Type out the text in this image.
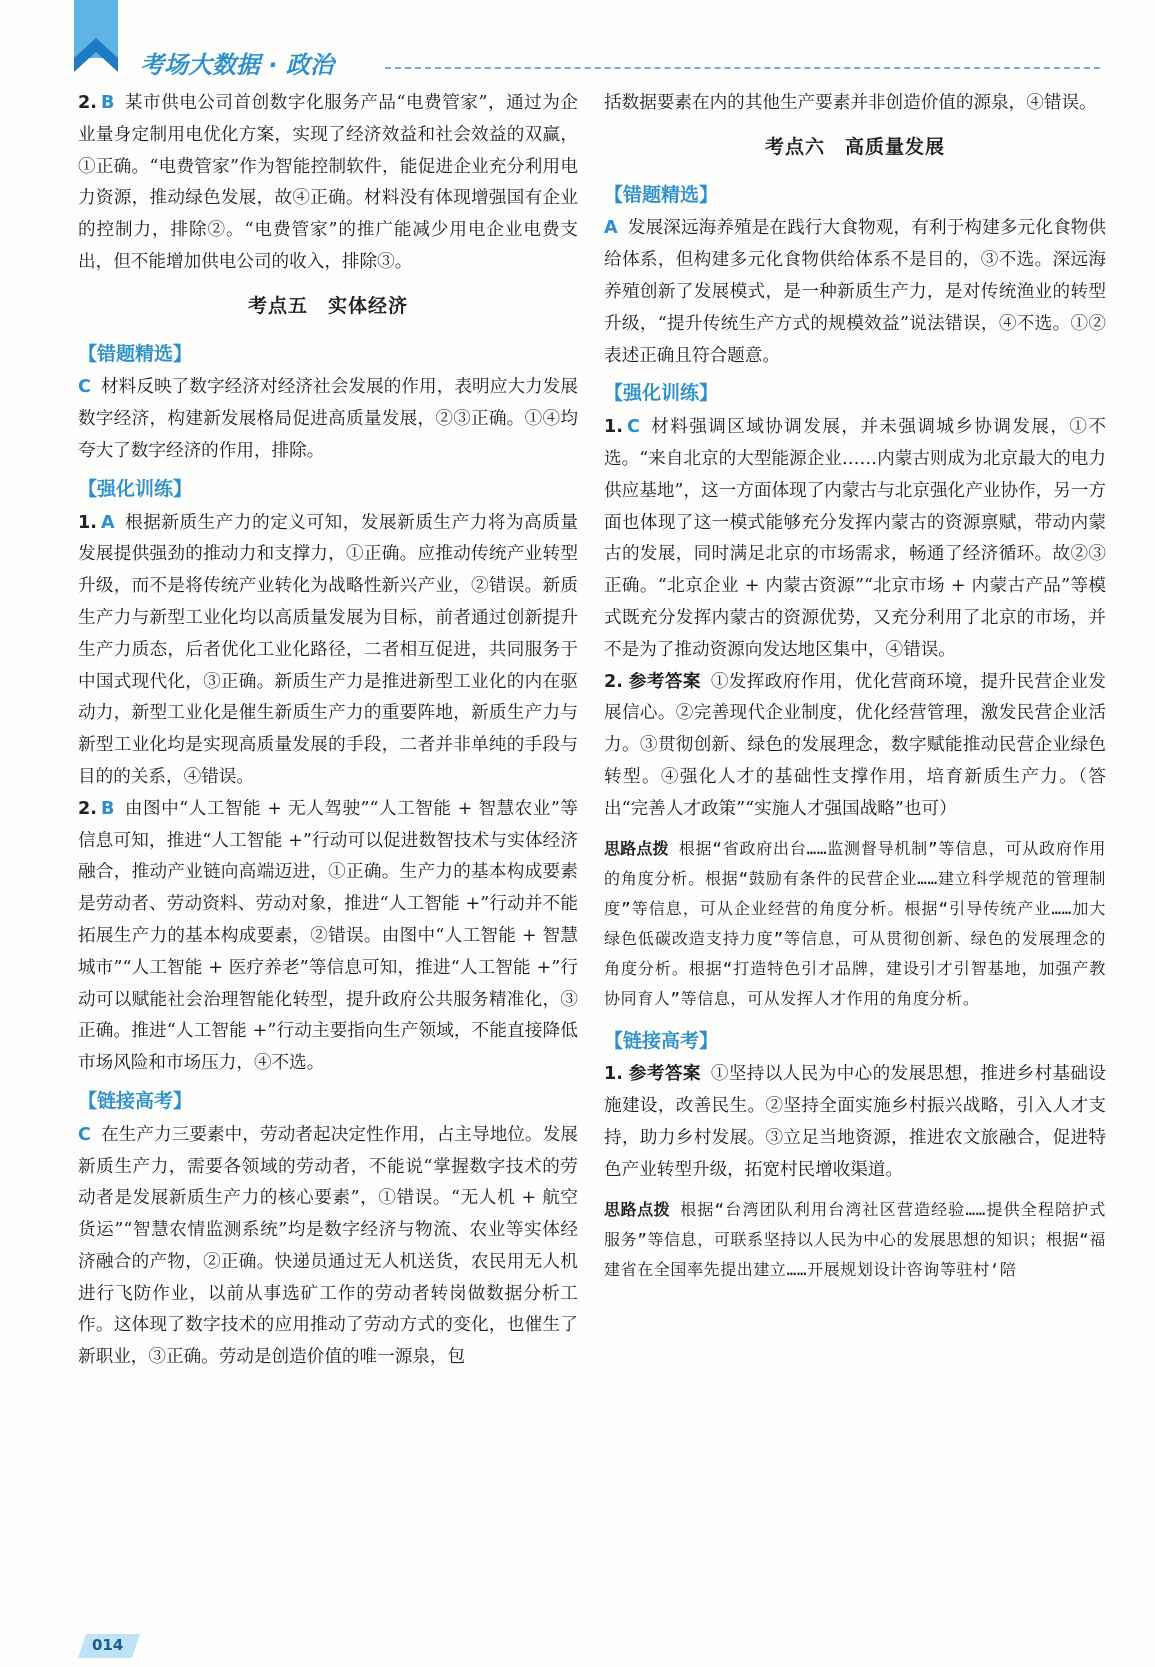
考场大数据 · 政治

2. B 某市供电公司首创数字化服务产品“电费管家”，通过为企业量身定制用电优化方案，实现了经济效益和社会效益的双赢，①正确。“电费管家”作为智能控制软件，能促进企业充分利用电力资源，推动绿色发展，故④正确。材料没有体现增强国有企业的控制力，排除②。“电费管家”的推广能减少用电企业电费支出，但不能增加供电公司的收入，排除③。

考点五　实体经济
【错题精选】

C 材料反映了数字经济对经济社会发展的作用，表明应大力发展数字经济，构建新发展格局促进高质量发展，②③正确。①④均夸大了数字经济的作用，排除。

【强化训练】

1. A 根据新质生产力的定义可知，发展新质生产力将为高质量发展提供强劲的推动力和支撑力，①正确。应推动传统产业转型升级，而不是将传统产业转化为战略性新兴产业，②错误。新质生产力与新型工业化均以高质量发展为目标，前者通过创新提升生产力质态，后者优化工业化路径，二者相互促进，共同服务于中国式现代化，③正确。新质生产力是推进新型工业化的内在驱动力，新型工业化是催生新质生产力的重要阵地，新质生产力与新型工业化均是实现高质量发展的手段，二者并非单纯的手段与目的的关系，④错误。

2. B 由图中“人工智能 + 无人驾驶”“人工智能 + 智慧农业”等信息可知，推进“人工智能 +”行动可以促进数智技术与实体经济融合，推动产业链向高端迈进，①正确。生产力的基本构成要素是劳动者、劳动资料、劳动对象，推进“人工智能 +”行动并不能拓展生产力的基本构成要素，②错误。由图中“人工智能 + 智慧城市”“人工智能 + 医疗养老”等信息可知，推进“人工智能 +”行动可以赋能社会治理智能化转型，提升政府公共服务精准化，③正确。推进“人工智能 +”行动主要指向生产领域，不能直接降低市场风险和市场压力，④不选。

【链接高考】

C 在生产力三要素中，劳动者起决定性作用，占主导地位。发展新质生产力，需要各领域的劳动者，不能说“掌握数字技术的劳动者是发展新质生产力的核心要素”，①错误。“无人机 + 航空货运”“智慧农情监测系统”均是数字经济与物流、农业等实体经济融合的产物，②正确。快递员通过无人机送货，农民用无人机进行飞防作业，以前从事选矿工作的劳动者转岗做数据分析工作。这体现了数字技术的应用推动了劳动方式的变化，也催生了新职业，③正确。劳动是创造价值的唯一源泉，包

括数据要素在内的其他生产要素并非创造价值的源泉，④错误。

考点六　高质量发展
【错题精选】

A 发展深远海养殖是在践行大食物观，有利于构建多元化食物供给体系，但构建多元化食物供给体系不是目的，③不选。深远海养殖创新了发展模式，是一种新质生产力，是对传统渔业的转型升级，“提升传统生产方式的规模效益”说法错误，④不选。①②表述正确且符合题意。

【强化训练】

1. C 材料强调区域协调发展，并未强调城乡协调发展，①不选。“来自北京的大型能源企业……内蒙古则成为北京最大的电力供应基地”，这一方面体现了内蒙古与北京强化产业协作，另一方面也体现了这一模式能够充分发挥内蒙古的资源禀赋，带动内蒙古的发展，同时满足北京的市场需求，畅通了经济循环。故②③正确。“北京企业 + 内蒙古资源”“北京市场 + 内蒙古产品”等模式既充分发挥内蒙古的资源优势，又充分利用了北京的市场，并不是为了推动资源向发达地区集中，④错误。

2. 参考答案 ①发挥政府作用，优化营商环境，提升民营企业发展信心。②完善现代企业制度，优化经营管理，激发民营企业活力。③贯彻创新、绿色的发展理念，数字赋能推动民营企业绿色转型。④强化人才的基础性支撑作用，培育新质生产力。（答出“完善人才政策”“实施人才强国战略”也可）

思路点拨 根据“省政府出台……监测督导机制”等信息，可从政府作用的角度分析。根据“鼓励有条件的民营企业……建立科学规范的管理制度”等信息，可从企业经营的角度分析。根据“引导传统产业……加大绿色低碳改造支持力度”等信息，可从贯彻创新、绿色的发展理念的角度分析。根据“打造特色引才品牌，建设引才引智基地，加强产教协同育人”等信息，可从发挥人才作用的角度分析。

【链接高考】

1. 参考答案 ①坚持以人民为中心的发展思想，推进乡村基础设施建设，改善民生。②坚持全面实施乡村振兴战略，引入人才支持，助力乡村发展。③立足当地资源，推进农文旅融合，促进特色产业转型升级，拓宽村民增收渠道。

思路点拨 根据“台湾团队利用台湾社区营造经验……提供全程陪护式服务”等信息，可联系坚持以人民为中心的发展思想的知识；根据“福建省在全国率先提出建立……开展规划设计咨询等驻村‘陪

014
